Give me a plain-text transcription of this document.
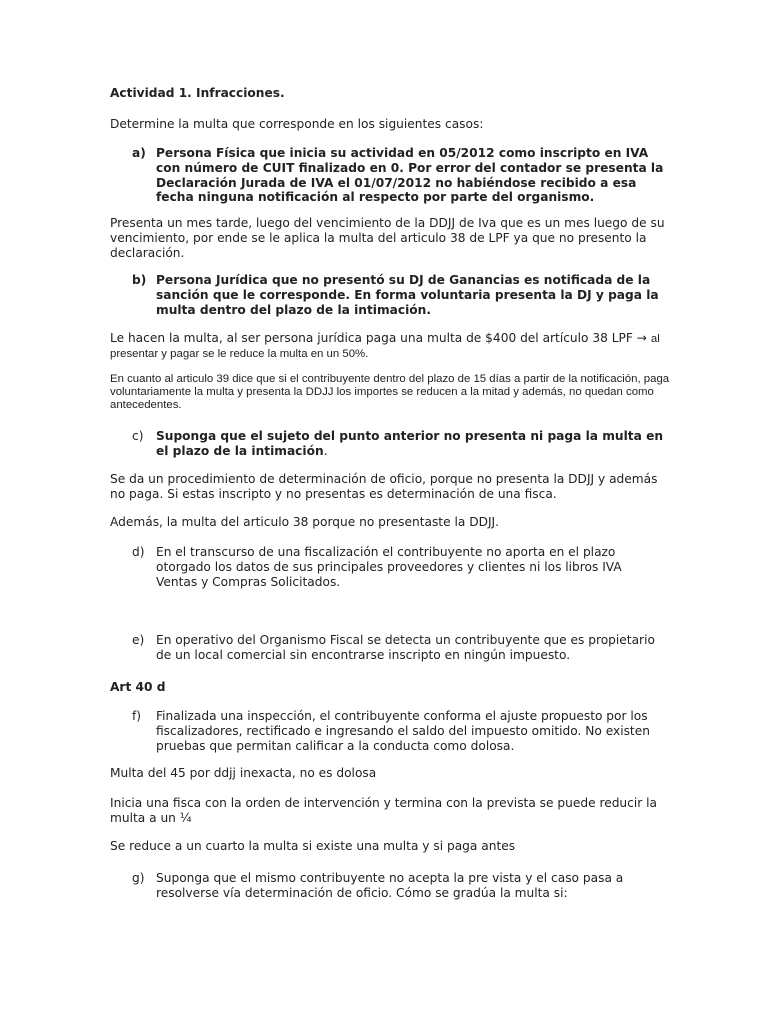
Actividad 1. Infracciones.

Determine la multa que corresponde en los siguientes casos:

a) Persona Física que inicia su actividad en 05/2012 como inscripto en IVA con número de CUIT finalizado en 0. Por error del contador se presenta la Declaración Jurada de IVA el 01/07/2012 no habiéndose recibido a esa fecha ninguna notificación al respecto por parte del organismo.

Presenta un mes tarde, luego del vencimiento de la DDJJ de Iva que es un mes luego de su vencimiento, por ende se le aplica la multa del articulo 38 de LPF ya que no presento la declaración.

b) Persona Jurídica que no presentó su DJ de Ganancias es notificada de la sanción que le corresponde. En forma voluntaria presenta la DJ y paga la multa dentro del plazo de la intimación.

Le hacen la multa, al ser persona jurídica paga una multa de $400 del artículo 38 LPF → al
presentar y pagar se le reduce la multa en un 50%.

En cuanto al articulo 39 dice que si el contribuyente dentro del plazo de 15 días a partir de la notificación, paga voluntariamente la multa y presenta la DDJJ los importes se reducen a la mitad y además, no quedan como antecedentes.

c) Suponga que el sujeto del punto anterior no presenta ni paga la multa en el plazo de la intimación.

Se da un procedimiento de determinación de oficio, porque no presenta la DDJJ y además no paga. Si estas inscripto y no presentas es determinación de una fisca.

Además, la multa del articulo 38 porque no presentaste la DDJJ.

d) En el transcurso de una fiscalización el contribuyente no aporta en el plazo otorgado los datos de sus principales proveedores y clientes ni los libros IVA Ventas y Compras Solicitados.
e) En operativo del Organismo Fiscal se detecta un contribuyente que es propietario de un local comercial sin encontrarse inscripto en ningún impuesto.

Art 40 d

f) Finalizada una inspección, el contribuyente conforma el ajuste propuesto por los fiscalizadores, rectificado e ingresando el saldo del impuesto omitido. No existen pruebas que permitan calificar a la conducta como dolosa.

Multa del 45 por ddjj inexacta, no es dolosa

Inicia una fisca con la orden de intervención y termina con la prevista se puede reducir la multa a un ¼

Se reduce a un cuarto la multa si existe una multa y si paga antes

g) Suponga que el mismo contribuyente no acepta la pre vista y el caso pasa a resolverse vía determinación de oficio. Cómo se gradúa la multa si:
